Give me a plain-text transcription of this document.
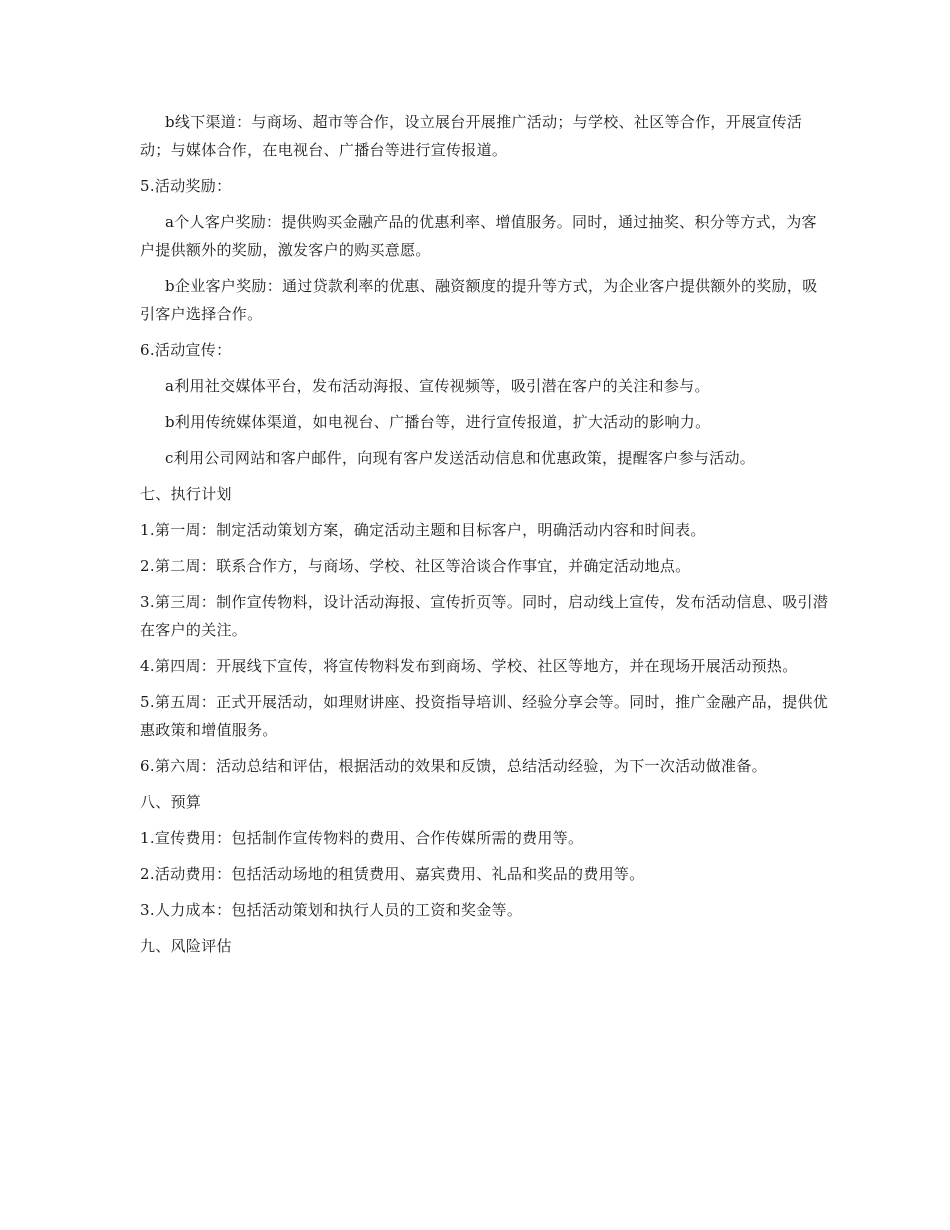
b线下渠道：与商场、超市等合作，设立展台开展推广活动；与学校、社区等合作，开展宣传活动；与媒体合作，在电视台、广播台等进行宣传报道。

5.活动奖励：

a个人客户奖励：提供购买金融产品的优惠利率、增值服务。同时，通过抽奖、积分等方式，为客户提供额外的奖励，激发客户的购买意愿。

b企业客户奖励：通过贷款利率的优惠、融资额度的提升等方式，为企业客户提供额外的奖励，吸引客户选择合作。

6.活动宣传：

a利用社交媒体平台，发布活动海报、宣传视频等，吸引潜在客户的关注和参与。

b利用传统媒体渠道，如电视台、广播台等，进行宣传报道，扩大活动的影响力。

c利用公司网站和客户邮件，向现有客户发送活动信息和优惠政策，提醒客户参与活动。

七、执行计划

1.第一周：制定活动策划方案，确定活动主题和目标客户，明确活动内容和时间表。

2.第二周：联系合作方，与商场、学校、社区等洽谈合作事宜，并确定活动地点。

3.第三周：制作宣传物料，设计活动海报、宣传折页等。同时，启动线上宣传，发布活动信息、吸引潜在客户的关注。

4.第四周：开展线下宣传，将宣传物料发布到商场、学校、社区等地方，并在现场开展活动预热。

5.第五周：正式开展活动，如理财讲座、投资指导培训、经验分享会等。同时，推广金融产品，提供优惠政策和增值服务。

6.第六周：活动总结和评估，根据活动的效果和反馈，总结活动经验，为下一次活动做准备。

八、预算

1.宣传费用：包括制作宣传物料的费用、合作传媒所需的费用等。

2.活动费用：包括活动场地的租赁费用、嘉宾费用、礼品和奖品的费用等。

3.人力成本：包括活动策划和执行人员的工资和奖金等。

九、风险评估
